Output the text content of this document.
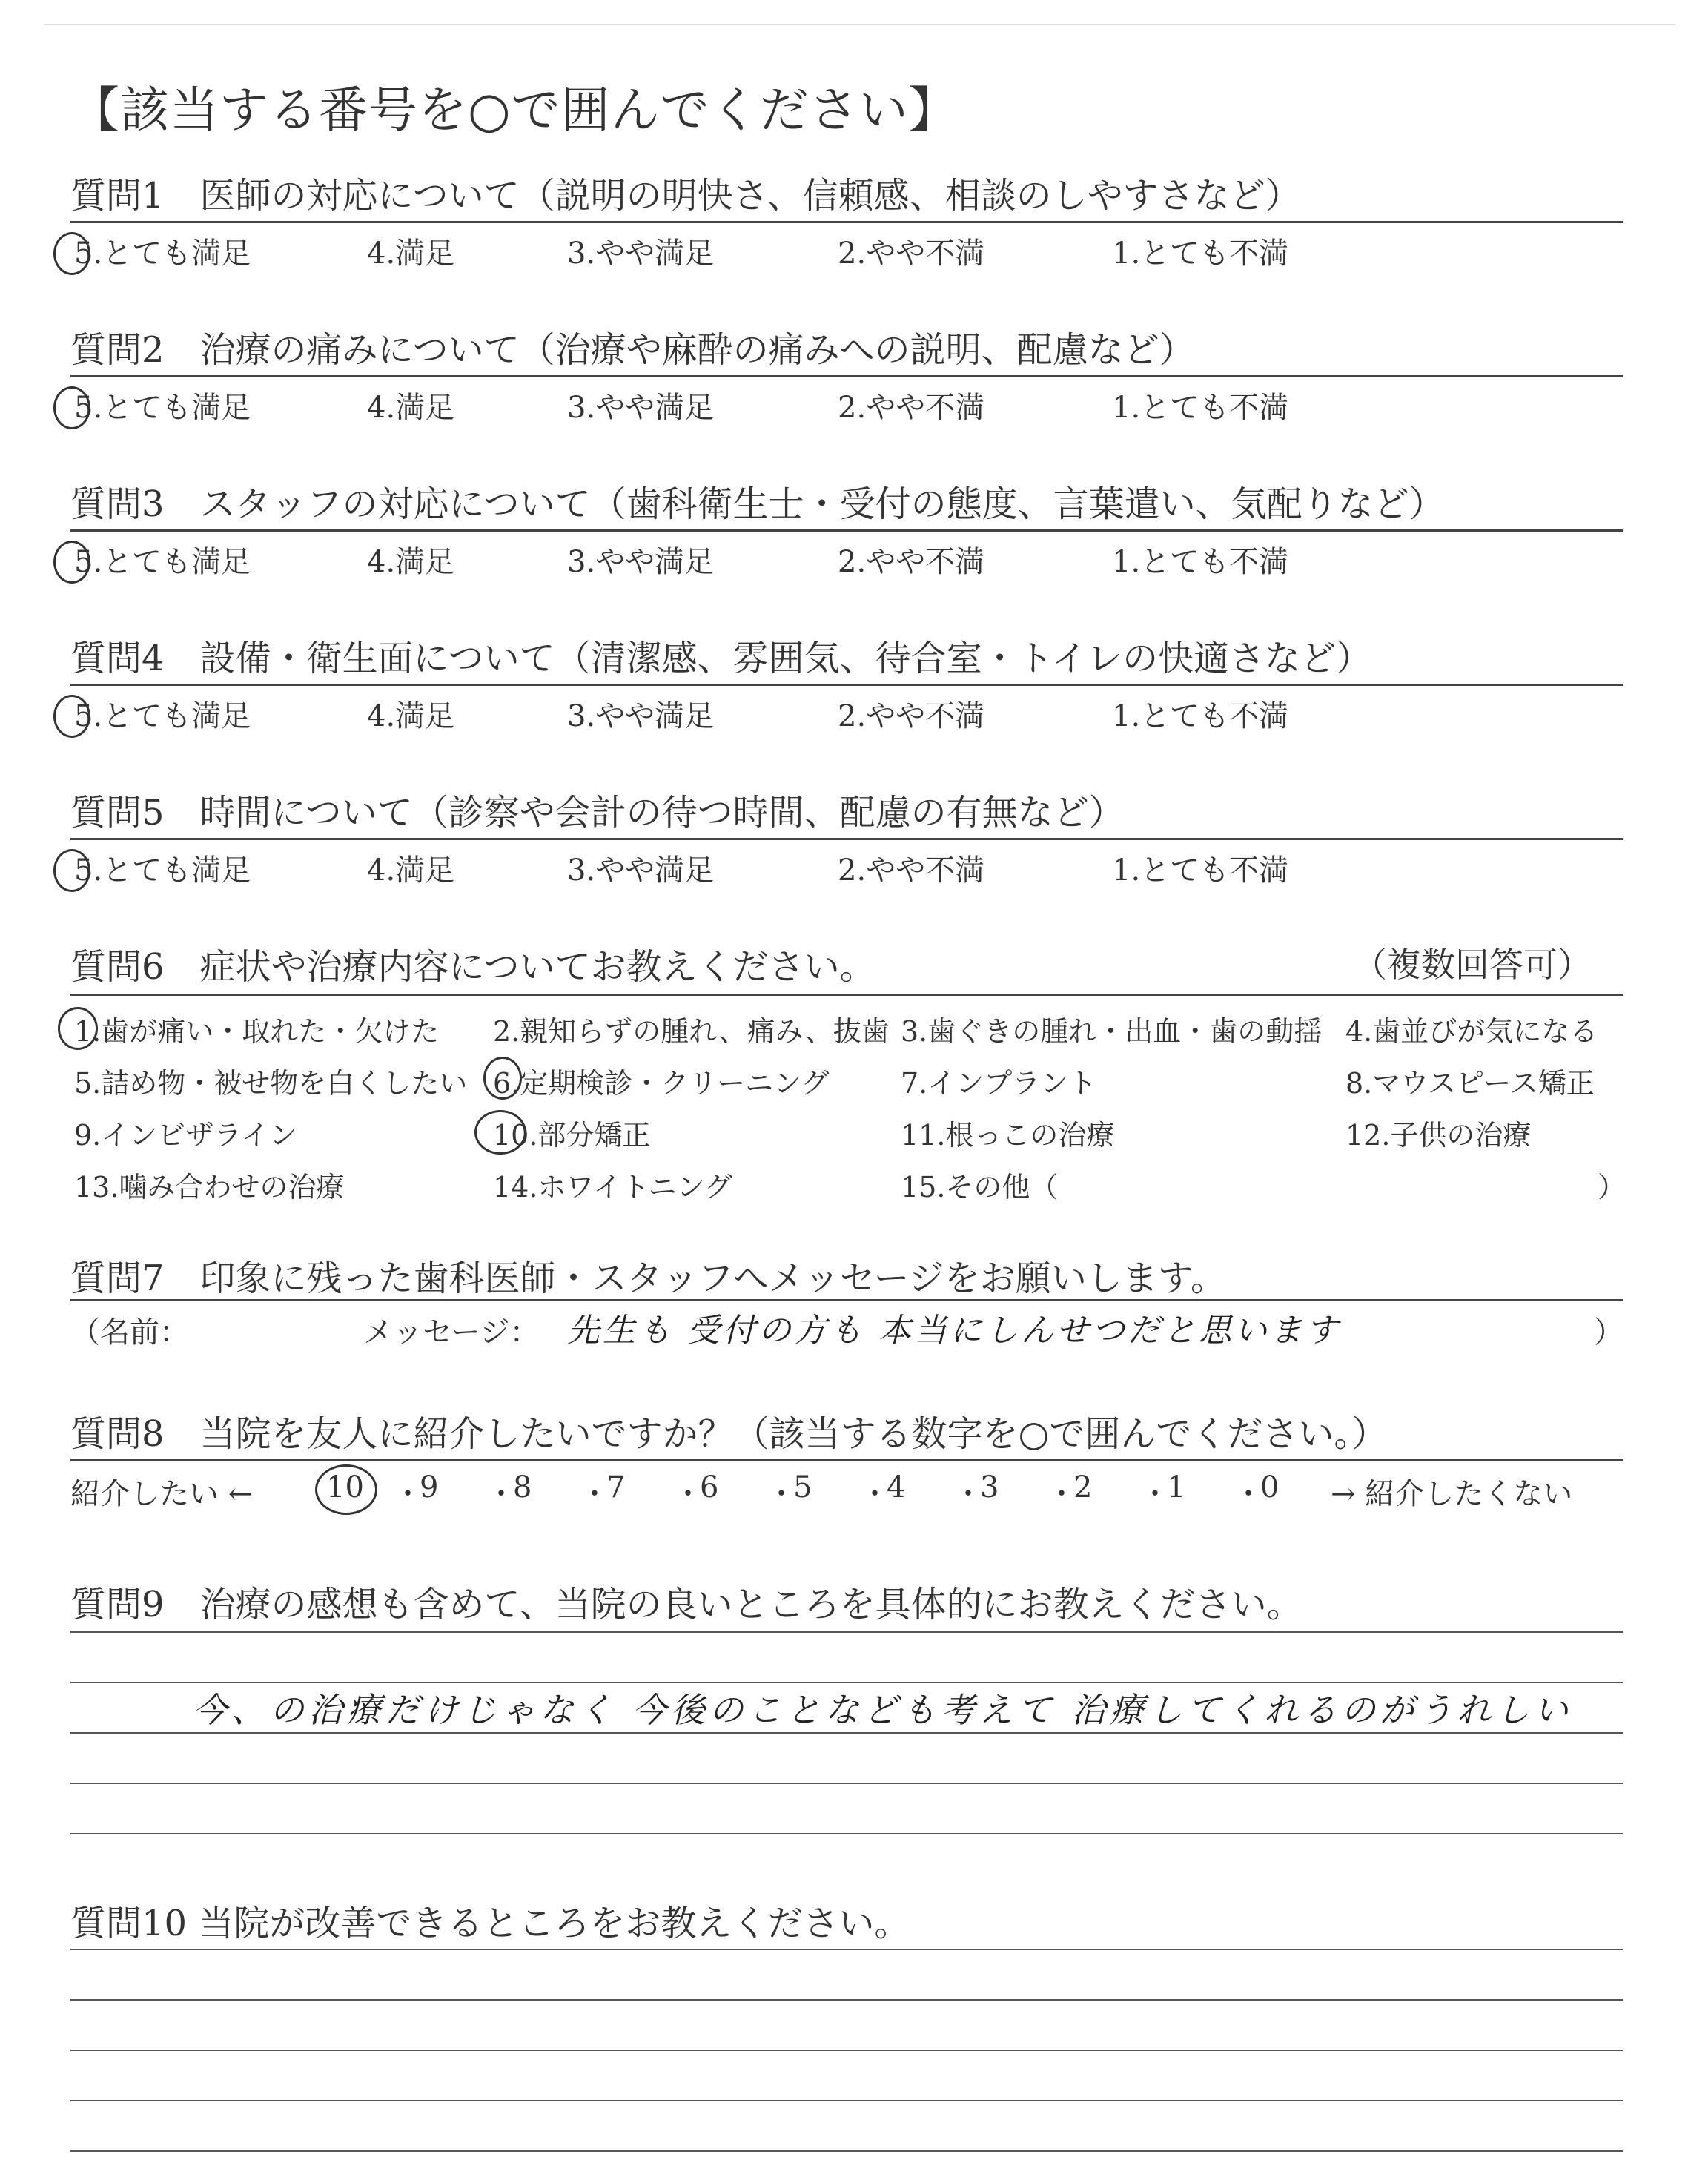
【該当する番号を○で囲んでください】
質問1　医師の対応について（説明の明快さ、信頼感、相談のしやすさなど）
5.とても満足	4.満足	3.やや満足	2.やや不満	1.とても不満
質問2　治療の痛みについて（治療や麻酔の痛みへの説明、配慮など）
5.とても満足	4.満足	3.やや満足	2.やや不満	1.とても不満
質問3　スタッフの対応について（歯科衛生士・受付の態度、言葉遣い、気配りなど）
5.とても満足	4.満足	3.やや満足	2.やや不満	1.とても不満
質問4　設備・衛生面について（清潔感、雰囲気、待合室・トイレの快適さなど）
5.とても満足	4.満足	3.やや満足	2.やや不満	1.とても不満
質問5　時間について（診察や会計の待つ時間、配慮の有無など）
5.とても満足	4.満足	3.やや満足	2.やや不満	1.とても不満
質問6　症状や治療内容についてお教えください。	（複数回答可）
1.歯が痛い・取れた・欠けた 2.親知らずの腫れ、痛み、抜歯 3.歯ぐきの腫れ・出血・歯の動揺 4.歯並びが気になる
5.詰め物・被せ物を白くしたい 6.定期検診・クリーニング	7.インプラント	8.マウスピース矯正
9.インビザライン	10.部分矯正	11.根っこの治療	12.子供の治療
13.噛み合わせの治療	14.ホワイトニング	15.その他（	）
質問7　印象に残った歯科医師・スタッフへメッセージをお願いします。
（名前：	メッセージ： 先生も 受付の方も 本当にしんせつだと思います	）
質問8　当院を友人に紹介したいですか？（該当する数字を○で囲んでください。）
紹介したい ←	→ 紹介したくない
10 ・
9 ・
8 ・
7 ・
6 ・
5 ・
4 ・
3 ・
2 ・
1 ・
0
質問9　治療の感想も含めて、当院の良いところを具体的にお教えください。
今、の治療だけじゃなく 今後のことなども考えて 治療してくれるのがうれしい
質問10 当院が改善できるところをお教えください。
